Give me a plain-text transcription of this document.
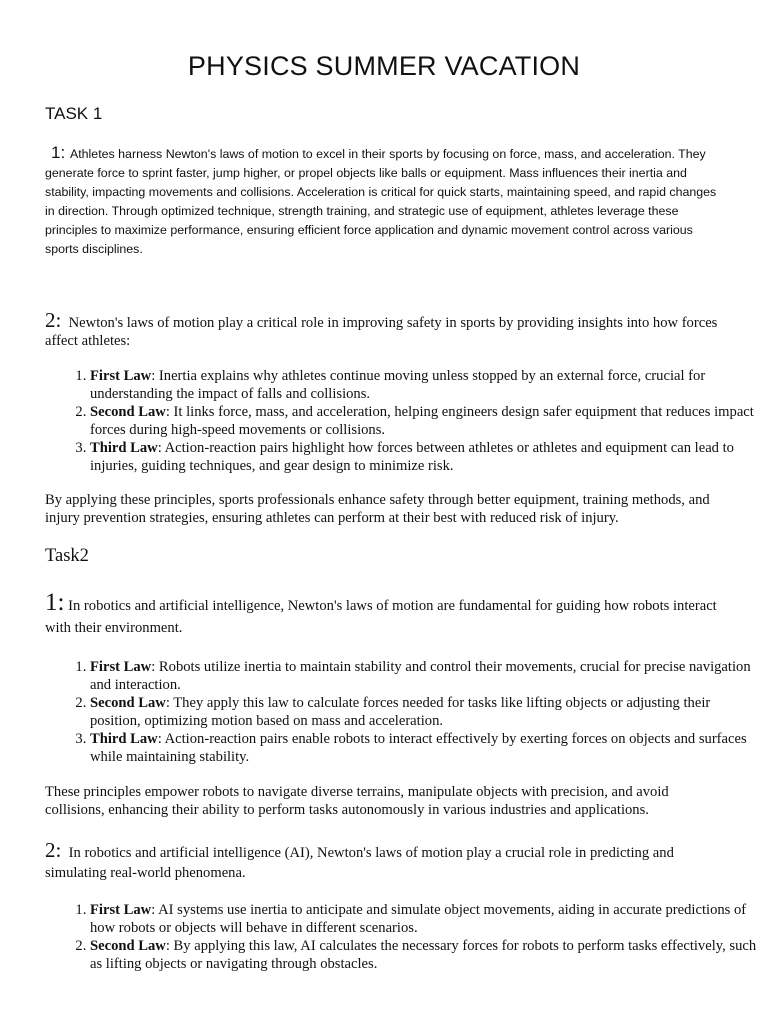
PHYSICS SUMMER VACATION
TASK 1

1: Athletes harness Newton's laws of motion to excel in their sports by focusing on force, mass, and acceleration. They generate force to sprint faster, jump higher, or propel objects like balls or equipment. Mass influences their inertia and stability, impacting movements and collisions. Acceleration is critical for quick starts, maintaining speed, and rapid changes in direction. Through optimized technique, strength training, and strategic use of equipment, athletes leverage these principles to maximize performance, ensuring efficient force application and dynamic movement control across various sports disciplines.

2: Newton's laws of motion play a critical role in improving safety in sports by providing insights into how forces affect athletes:

1. First Law: Inertia explains why athletes continue moving unless stopped by an external force, crucial for understanding the impact of falls and collisions.
2. Second Law: It links force, mass, and acceleration, helping engineers design safer equipment that reduces impact forces during high-speed movements or collisions.
3. Third Law: Action-reaction pairs highlight how forces between athletes or athletes and equipment can lead to injuries, guiding techniques, and gear design to minimize risk.

By applying these principles, sports professionals enhance safety through better equipment, training methods, and injury prevention strategies, ensuring athletes can perform at their best with reduced risk of injury.

Task2

1: In robotics and artificial intelligence, Newton's laws of motion are fundamental for guiding how robots interact with their environment.

1. First Law: Robots utilize inertia to maintain stability and control their movements, crucial for precise navigation and interaction.
2. Second Law: They apply this law to calculate forces needed for tasks like lifting objects or adjusting their position, optimizing motion based on mass and acceleration.
3. Third Law: Action-reaction pairs enable robots to interact effectively by exerting forces on objects and surfaces while maintaining stability.

These principles empower robots to navigate diverse terrains, manipulate objects with precision, and avoid collisions, enhancing their ability to perform tasks autonomously in various industries and applications.

2: In robotics and artificial intelligence (AI), Newton's laws of motion play a crucial role in predicting and simulating real-world phenomena.

1. First Law: AI systems use inertia to anticipate and simulate object movements, aiding in accurate predictions of how robots or objects will behave in different scenarios.
2. Second Law: By applying this law, AI calculates the necessary forces for robots to perform tasks effectively, such as lifting objects or navigating through obstacles.
